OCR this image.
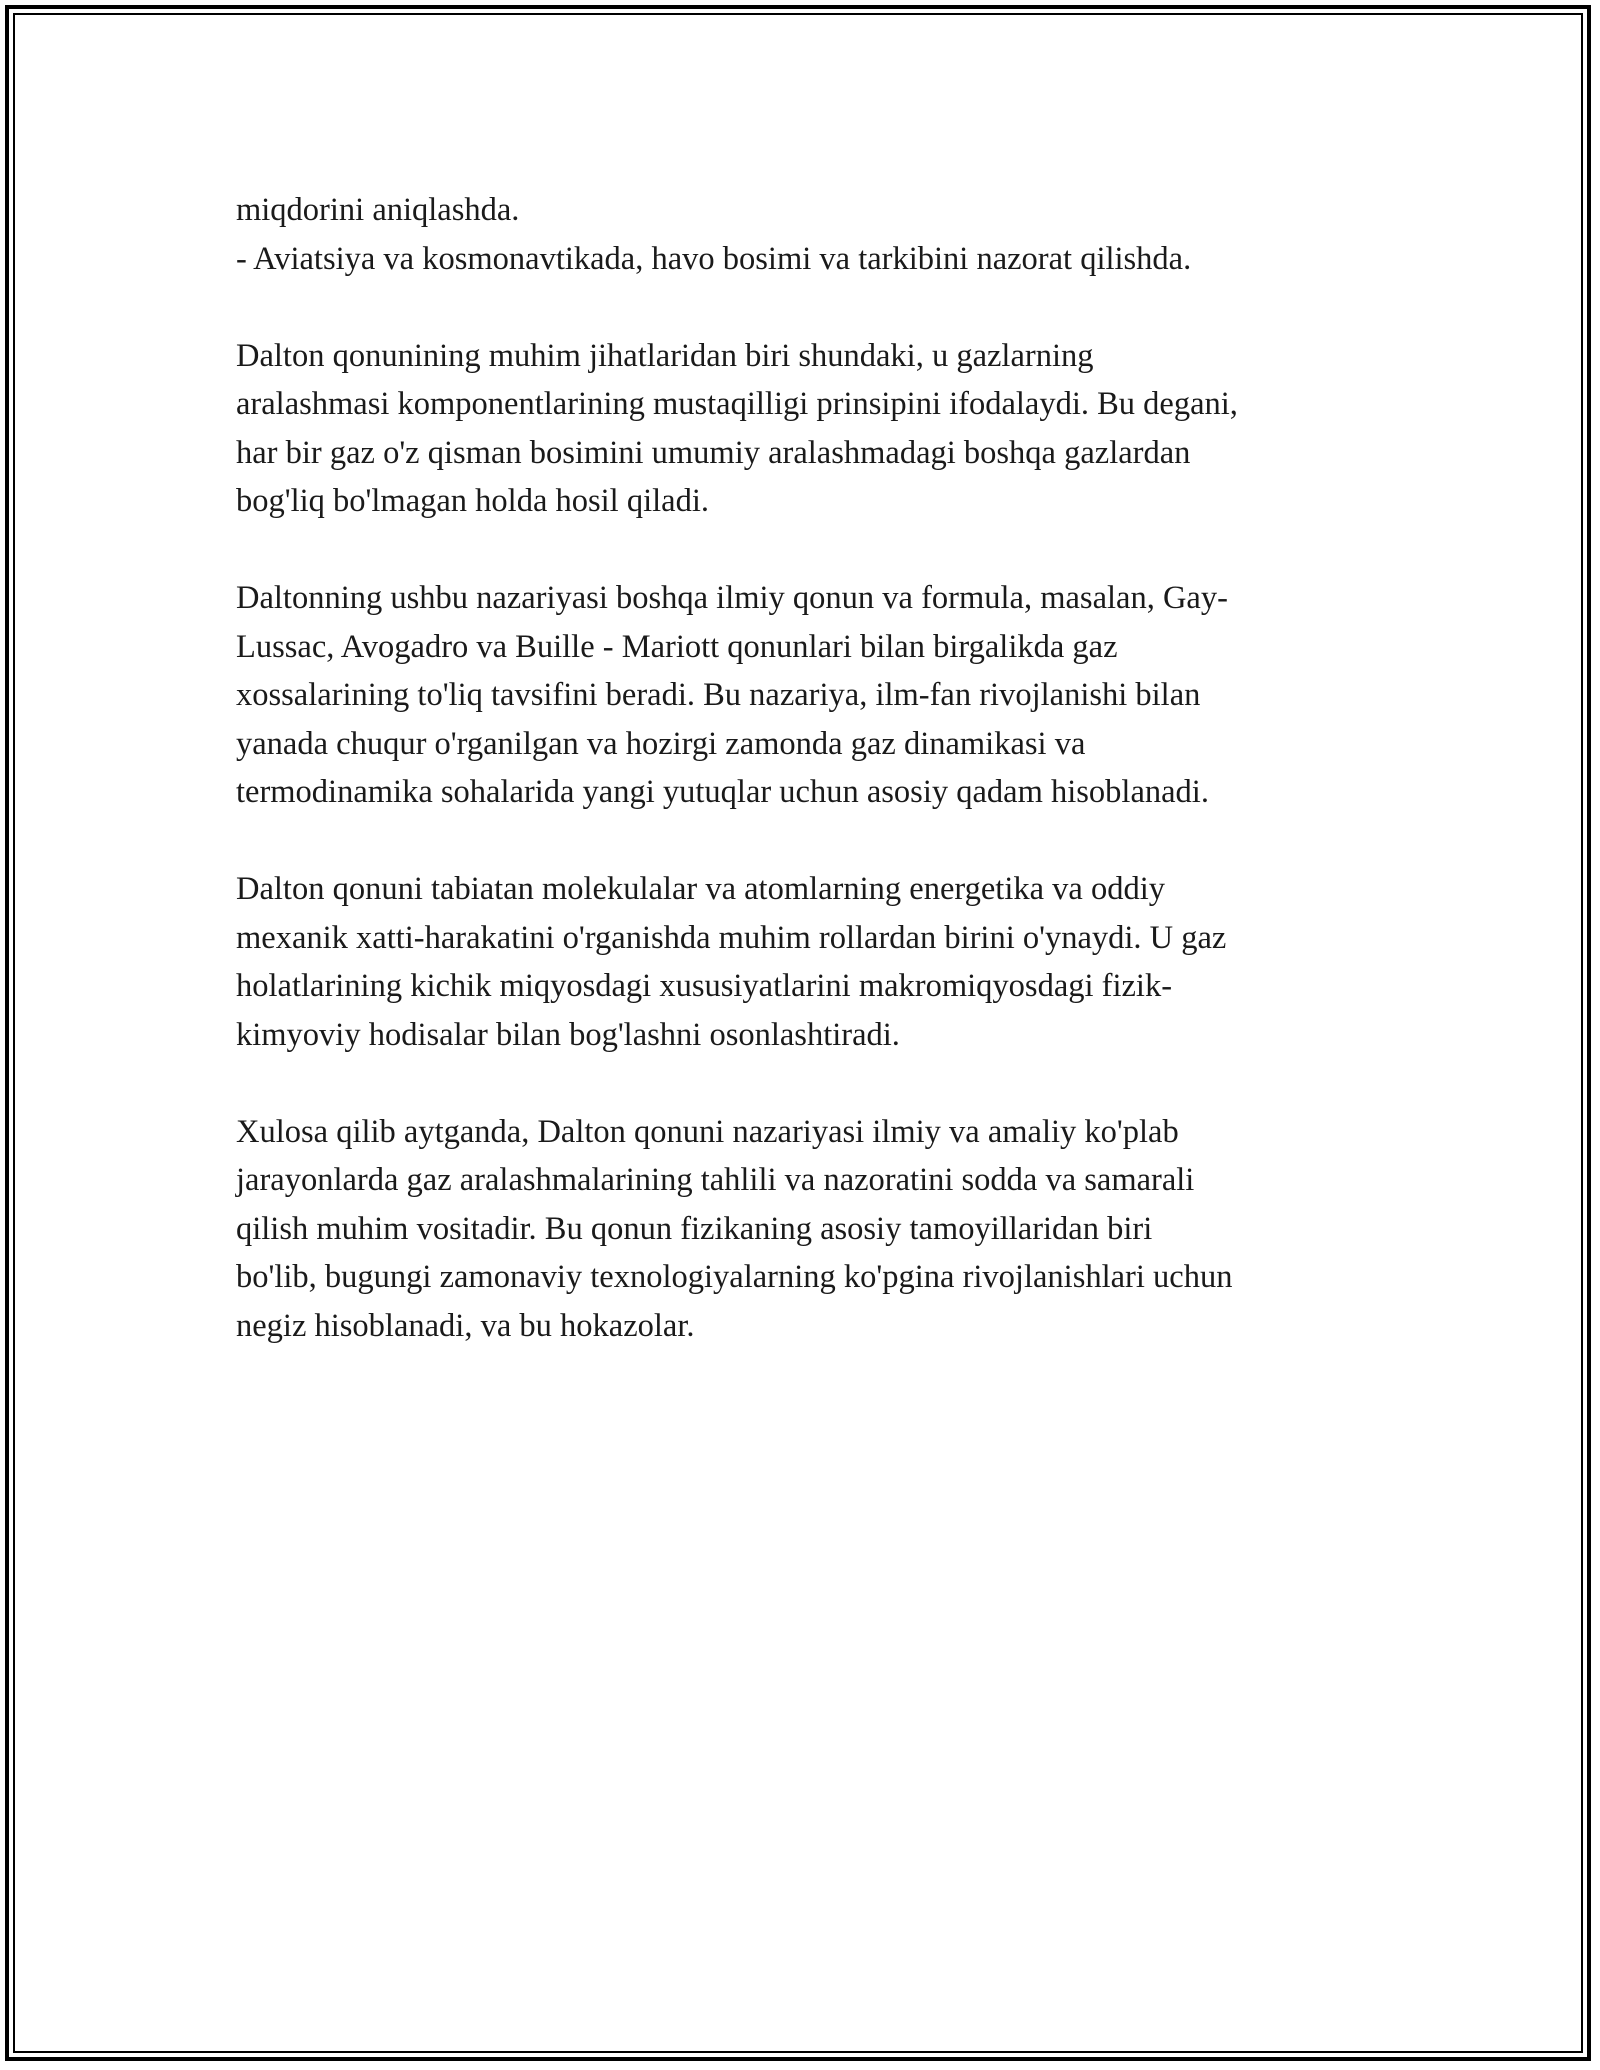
miqdorini aniqlashda.
- Aviatsiya va kosmonavtikada, havo bosimi va tarkibini nazorat qilishda.

Dalton qonunining muhim jihatlaridan biri shundaki, u gazlarning
aralashmasi komponentlarining mustaqilligi prinsipini ifodalaydi. Bu degani,
har bir gaz o'z qisman bosimini umumiy aralashmadagi boshqa gazlardan
bog'liq bo'lmagan holda hosil qiladi.

Daltonning ushbu nazariyasi boshqa ilmiy qonun va formula, masalan, Gay-
Lussac, Avogadro va Buille - Mariott qonunlari bilan birgalikda gaz
xossalarining to'liq tavsifini beradi. Bu nazariya, ilm-fan rivojlanishi bilan
yanada chuqur o'rganilgan va hozirgi zamonda gaz dinamikasi va
termodinamika sohalarida yangi yutuqlar uchun asosiy qadam hisoblanadi.

Dalton qonuni tabiatan molekulalar va atomlarning energetika va oddiy
mexanik xatti-harakatini o'rganishda muhim rollardan birini o'ynaydi. U gaz
holatlarining kichik miqyosdagi xususiyatlarini makromiqyosdagi fizik-
kimyoviy hodisalar bilan bog'lashni osonlashtiradi.

Xulosa qilib aytganda, Dalton qonuni nazariyasi ilmiy va amaliy ko'plab
jarayonlarda gaz aralashmalarining tahlili va nazoratini sodda va samarali
qilish muhim vositadir. Bu qonun fizikaning asosiy tamoyillaridan biri
bo'lib, bugungi zamonaviy texnologiyalarning ko'pgina rivojlanishlari uchun
negiz hisoblanadi, va bu hokazolar.
